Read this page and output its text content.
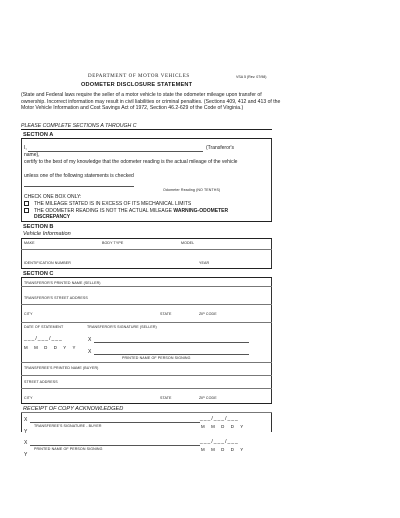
DEPARTMENT OF MOTOR VEHICLES	VSA 5 (Rev. 07/98)
ODOMETER DISCLOSURE STATEMENT
(State and Federal laws require the seller of a motor vehicle to state the odometer mileage upon transfer of ownership. Incorrect information may result in civil liabilities or criminal penalties. (Sections 409, 412 and 413 of the Motor Vehicle Information and Cost Savings Act of 1972, Section 46.2-629 of the Code of Virginia.)
PLEASE COMPLETE SECTIONS A THROUGH C
SECTION A
I,	(Transferor's
name),
certify to the best of my knowledge that the odometer reading is the actual mileage of the vehicle
unless one of the following statements is checked
Odometer Reading (NO TENTHS)
CHECK ONE BOX ONLY:
THE MILEAGE STATED IS IN EXCESS OF ITS MECHANICAL LIMITS
THE ODOMETER READING IS NOT THE ACTUAL MILEAGE WARNING-ODOMETER
DISCREPANCY
SECTION B
Vehicle Information
MAKE	BODY TYPE	MODEL
IDENTIFICATION NUMBER	YEAR
SECTION C
TRANSFEROR'S PRINTED NAME (SELLER)
TRANSFEROR'S STREET ADDRESS
CITY	STATE	ZIP CODE
DATE OF STATEMENT	TRANSFEROR'S SIGNATURE (SELLER)
___/___/___	X
M M D D Y Y
X
PRINTED NAME OF PERSON SIGNING
TRANSFEREE'S PRINTED NAME (BUYER)
STREET ADDRESS
CITY	STATE	ZIP CODE
RECEIPT OF COPY ACKNOWLEDGED
X	___/___/___
TRANSFEREE'S SIGNATURE - BUYER	M M D D Y
Y
X	___/___/___
PRINTED NAME OF PERSON SIGNING	M M D D Y
Y
